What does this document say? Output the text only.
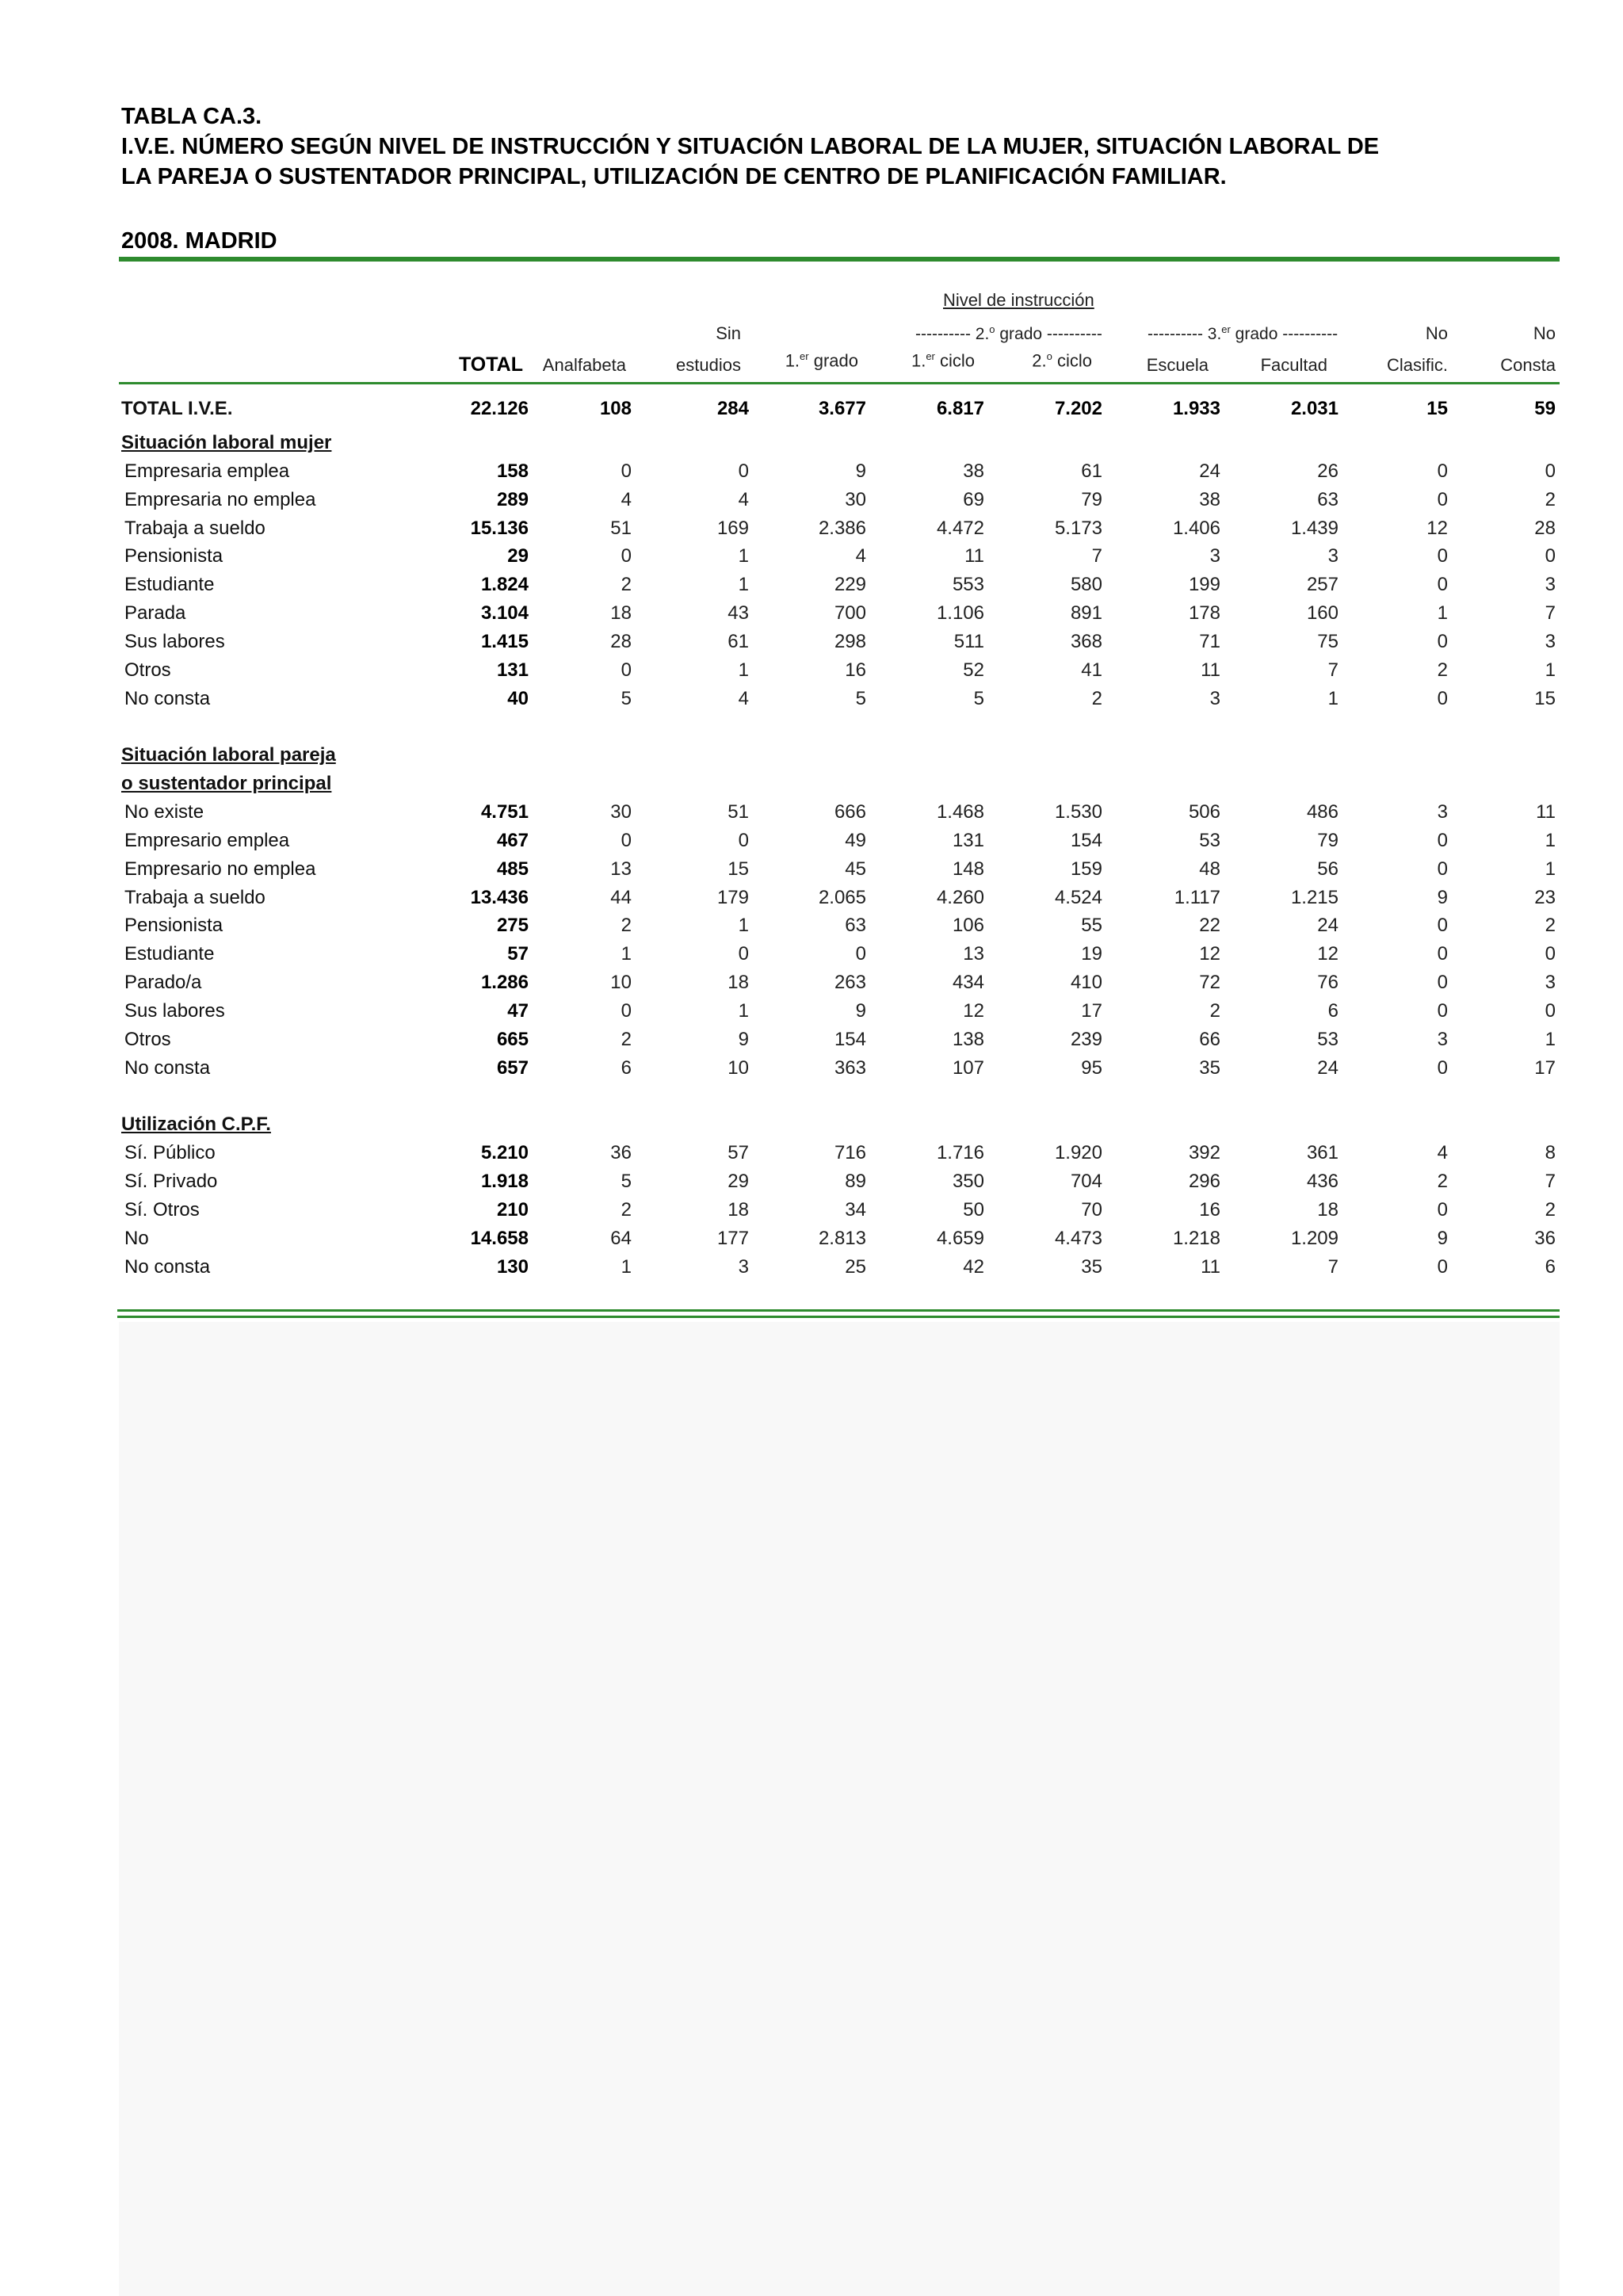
TABLA CA.3.
I.V.E. NÚMERO SEGÚN NIVEL DE INSTRUCCIÓN Y SITUACIÓN LABORAL DE LA MUJER, SITUACIÓN LABORAL DE
LA PAREJA O SUSTENTADOR PRINCIPAL, UTILIZACIÓN DE CENTRO DE PLANIFICACIÓN FAMILIAR.
2008. MADRID
Nivel de instrucción
Sin	---------- 2.$^o$ grado ----------	---------- 3.$^{er}$ grado ----------	No	No
TOTAL	Analfabeta	estudios	1.$^{er}$ grado	1.$^{er}$ ciclo	2.$^o$ ciclo	Escuela	Facultad	Clasific.	Consta
TOTAL I.V.E.	22.126	108	284	3.677	6.817	7.202	1.933	2.031	15	59
Situación laboral mujer
Empresaria emplea	158	0	0	9	38	61	24	26	0	0
Empresaria no emplea	289	4	4	30	69	79	38	63	0	2
Trabaja a sueldo	15.136	51	169	2.386	4.472	5.173	1.406	1.439	12	28
Pensionista	29	0	1	4	11	7	3	3	0	0
Estudiante	1.824	2	1	229	553	580	199	257	0	3
Parada	3.104	18	43	700	1.106	891	178	160	1	7
Sus labores	1.415	28	61	298	511	368	71	75	0	3
Otros	131	0	1	16	52	41	11	7	2	1
No consta	40	5	4	5	5	2	3	1	0	15
Situación laboral pareja
o sustentador principal
No existe	4.751	30	51	666	1.468	1.530	506	486	3	11
Empresario emplea	467	0	0	49	131	154	53	79	0	1
Empresario no emplea	485	13	15	45	148	159	48	56	0	1
Trabaja a sueldo	13.436	44	179	2.065	4.260	4.524	1.117	1.215	9	23
Pensionista	275	2	1	63	106	55	22	24	0	2
Estudiante	57	1	0	0	13	19	12	12	0	0
Parado/a	1.286	10	18	263	434	410	72	76	0	3
Sus labores	47	0	1	9	12	17	2	6	0	0
Otros	665	2	9	154	138	239	66	53	3	1
No consta	657	6	10	363	107	95	35	24	0	17
Utilización C.P.F.
Sí. Público	5.210	36	57	716	1.716	1.920	392	361	4	8
Sí. Privado	1.918	5	29	89	350	704	296	436	2	7
Sí. Otros	210	2	18	34	50	70	16	18	0	2
No	14.658	64	177	2.813	4.659	4.473	1.218	1.209	9	36
No consta	130	1	3	25	42	35	11	7	0	6
